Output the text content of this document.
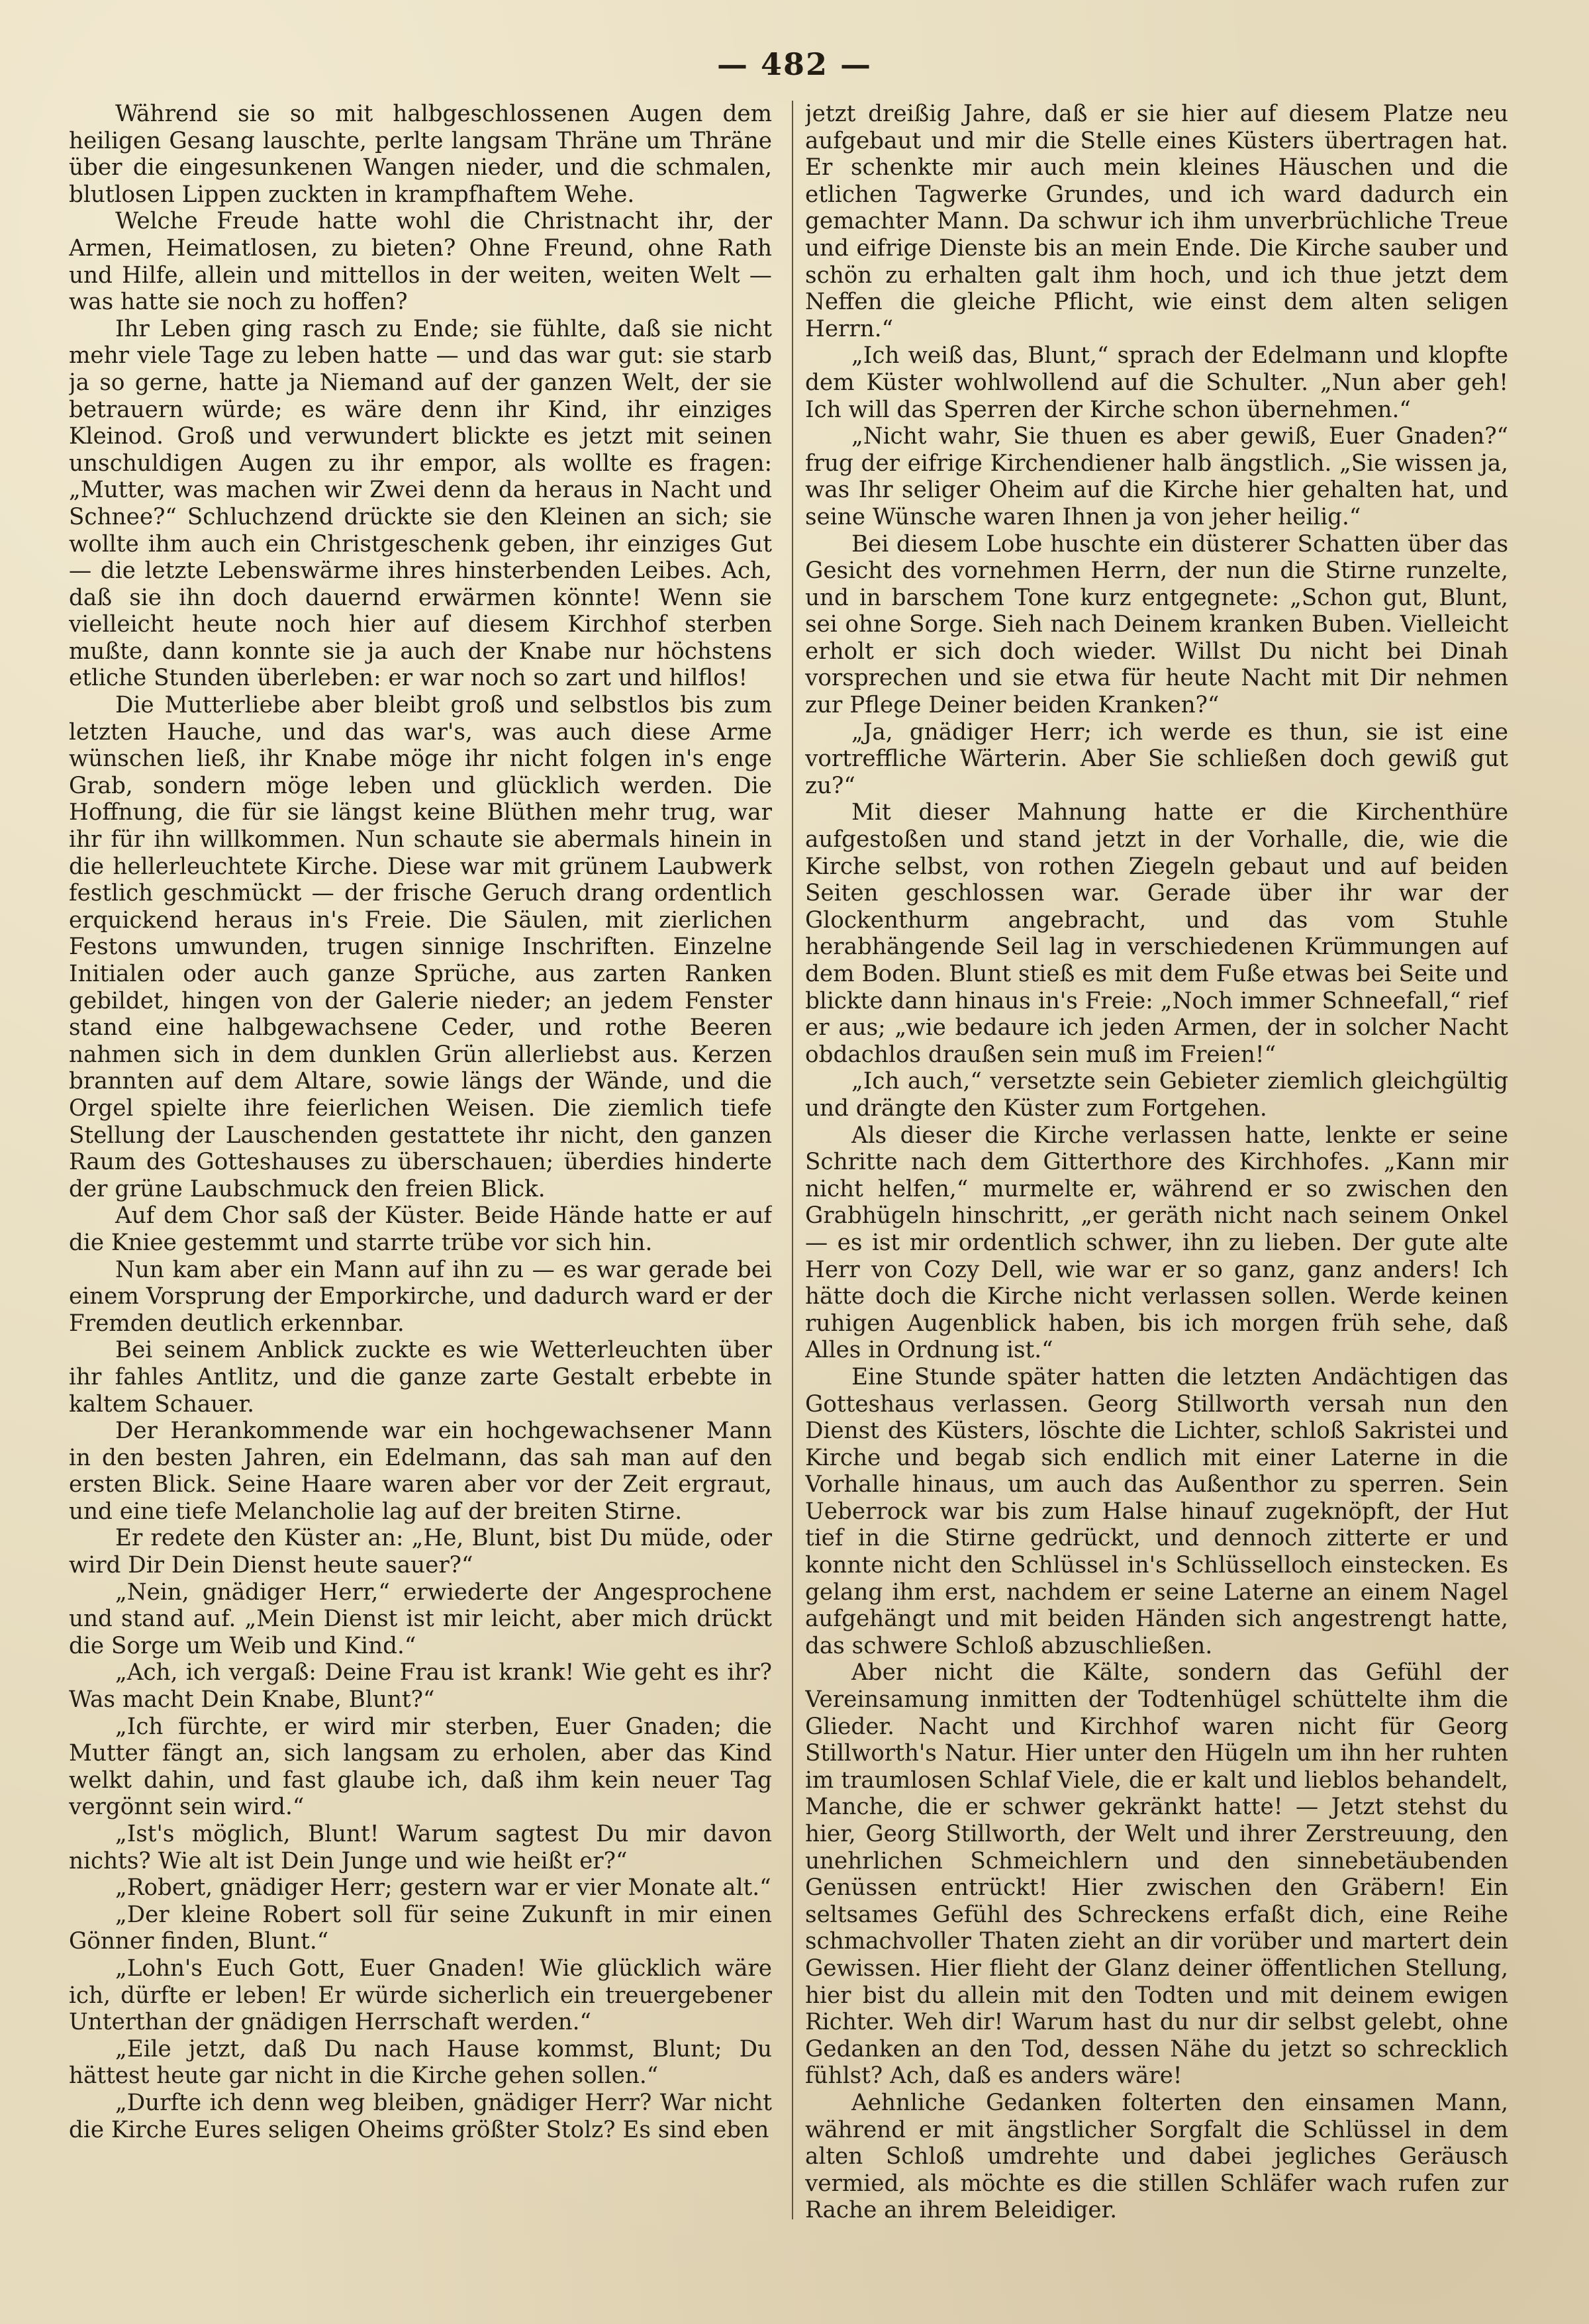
— 482 —

Während sie so mit halbgeschlossenen Augen dem heiligen Gesang lauschte, perlte langsam Thräne um Thräne über die eingesunkenen Wangen nieder, und die schmalen, blutlosen Lippen zuckten in krampfhaftem Wehe.

Welche Freude hatte wohl die Christnacht ihr, der Armen, Heimatlosen, zu bieten? Ohne Freund, ohne Rath und Hilfe, allein und mittellos in der weiten, weiten Welt — was hatte sie noch zu hoffen?

Ihr Leben ging rasch zu Ende; sie fühlte, daß sie nicht mehr viele Tage zu leben hatte — und das war gut: sie starb ja so gerne, hatte ja Niemand auf der ganzen Welt, der sie betrauern würde; es wäre denn ihr Kind, ihr einziges Kleinod. Groß und verwundert blickte es jetzt mit seinen unschuldigen Augen zu ihr empor, als wollte es fragen: „Mutter, was machen wir Zwei denn da heraus in Nacht und Schnee?“ Schluchzend drückte sie den Kleinen an sich; sie wollte ihm auch ein Christgeschenk geben, ihr einziges Gut — die letzte Lebenswärme ihres hinsterbenden Leibes. Ach, daß sie ihn doch dauernd erwärmen könnte! Wenn sie vielleicht heute noch hier auf diesem Kirchhof sterben mußte, dann konnte sie ja auch der Knabe nur höchstens etliche Stunden überleben: er war noch so zart und hilflos!

Die Mutterliebe aber bleibt groß und selbstlos bis zum letzten Hauche, und das war's, was auch diese Arme wünschen ließ, ihr Knabe möge ihr nicht folgen in's enge Grab, sondern möge leben und glücklich werden. Die Hoffnung, die für sie längst keine Blüthen mehr trug, war ihr für ihn willkommen. Nun schaute sie abermals hinein in die hellerleuchtete Kirche. Diese war mit grünem Laubwerk festlich geschmückt — der frische Geruch drang ordentlich erquickend heraus in's Freie. Die Säulen, mit zierlichen Festons umwunden, trugen sinnige Inschriften. Einzelne Initialen oder auch ganze Sprüche, aus zarten Ranken gebildet, hingen von der Galerie nieder; an jedem Fenster stand eine halbgewachsene Ceder, und rothe Beeren nahmen sich in dem dunklen Grün allerliebst aus. Kerzen brannten auf dem Altare, sowie längs der Wände, und die Orgel spielte ihre feierlichen Weisen. Die ziemlich tiefe Stellung der Lauschenden gestattete ihr nicht, den ganzen Raum des Gotteshauses zu überschauen; überdies hinderte der grüne Laubschmuck den freien Blick.

Auf dem Chor saß der Küster. Beide Hände hatte er auf die Kniee gestemmt und starrte trübe vor sich hin.

Nun kam aber ein Mann auf ihn zu — es war gerade bei einem Vorsprung der Emporkirche, und dadurch ward er der Fremden deutlich erkennbar.

Bei seinem Anblick zuckte es wie Wetterleuchten über ihr fahles Antlitz, und die ganze zarte Gestalt erbebte in kaltem Schauer.

Der Herankommende war ein hochgewachsener Mann in den besten Jahren, ein Edelmann, das sah man auf den ersten Blick. Seine Haare waren aber vor der Zeit ergraut, und eine tiefe Melancholie lag auf der breiten Stirne.

Er redete den Küster an: „He, Blunt, bist Du müde, oder wird Dir Dein Dienst heute sauer?“

„Nein, gnädiger Herr,“ erwiederte der Angesprochene und stand auf. „Mein Dienst ist mir leicht, aber mich drückt die Sorge um Weib und Kind.“

„Ach, ich vergaß: Deine Frau ist krank! Wie geht es ihr? Was macht Dein Knabe, Blunt?“

„Ich fürchte, er wird mir sterben, Euer Gnaden; die Mutter fängt an, sich langsam zu erholen, aber das Kind welkt dahin, und fast glaube ich, daß ihm kein neuer Tag vergönnt sein wird.“

„Ist's möglich, Blunt! Warum sagtest Du mir davon nichts? Wie alt ist Dein Junge und wie heißt er?“

„Robert, gnädiger Herr; gestern war er vier Monate alt.“

„Der kleine Robert soll für seine Zukunft in mir einen Gönner finden, Blunt.“

„Lohn's Euch Gott, Euer Gnaden! Wie glücklich wäre ich, dürfte er leben! Er würde sicherlich ein treuergebener Unterthan der gnädigen Herrschaft werden.“

„Eile jetzt, daß Du nach Hause kommst, Blunt; Du hättest heute gar nicht in die Kirche gehen sollen.“

„Durfte ich denn weg bleiben, gnädiger Herr? War nicht die Kirche Eures seligen Oheims größter Stolz? Es sind eben

jetzt dreißig Jahre, daß er sie hier auf diesem Platze neu aufgebaut und mir die Stelle eines Küsters übertragen hat. Er schenkte mir auch mein kleines Häuschen und die etlichen Tagwerke Grundes, und ich ward dadurch ein gemachter Mann. Da schwur ich ihm unverbrüchliche Treue und eifrige Dienste bis an mein Ende. Die Kirche sauber und schön zu erhalten galt ihm hoch, und ich thue jetzt dem Neffen die gleiche Pflicht, wie einst dem alten seligen Herrn.“

„Ich weiß das, Blunt,“ sprach der Edelmann und klopfte dem Küster wohlwollend auf die Schulter. „Nun aber geh! Ich will das Sperren der Kirche schon übernehmen.“

„Nicht wahr, Sie thuen es aber gewiß, Euer Gnaden?“ frug der eifrige Kirchendiener halb ängstlich. „Sie wissen ja, was Ihr seliger Oheim auf die Kirche hier gehalten hat, und seine Wünsche waren Ihnen ja von jeher heilig.“

Bei diesem Lobe huschte ein düsterer Schatten über das Gesicht des vornehmen Herrn, der nun die Stirne runzelte, und in barschem Tone kurz entgegnete: „Schon gut, Blunt, sei ohne Sorge. Sieh nach Deinem kranken Buben. Vielleicht erholt er sich doch wieder. Willst Du nicht bei Dinah vorsprechen und sie etwa für heute Nacht mit Dir nehmen zur Pflege Deiner beiden Kranken?“

„Ja, gnädiger Herr; ich werde es thun, sie ist eine vortreffliche Wärterin. Aber Sie schließen doch gewiß gut zu?“

Mit dieser Mahnung hatte er die Kirchenthüre aufgestoßen und stand jetzt in der Vorhalle, die, wie die Kirche selbst, von rothen Ziegeln gebaut und auf beiden Seiten geschlossen war. Gerade über ihr war der Glockenthurm angebracht, und das vom Stuhle herabhängende Seil lag in verschiedenen Krümmungen auf dem Boden. Blunt stieß es mit dem Fuße etwas bei Seite und blickte dann hinaus in's Freie: „Noch immer Schneefall,“ rief er aus; „wie bedaure ich jeden Armen, der in solcher Nacht obdachlos draußen sein muß im Freien!“

„Ich auch,“ versetzte sein Gebieter ziemlich gleichgültig und drängte den Küster zum Fortgehen.

Als dieser die Kirche verlassen hatte, lenkte er seine Schritte nach dem Gitterthore des Kirchhofes. „Kann mir nicht helfen,“ murmelte er, während er so zwischen den Grabhügeln hinschritt, „er geräth nicht nach seinem Onkel — es ist mir ordentlich schwer, ihn zu lieben. Der gute alte Herr von Cozy Dell, wie war er so ganz, ganz anders! Ich hätte doch die Kirche nicht verlassen sollen. Werde keinen ruhigen Augenblick haben, bis ich morgen früh sehe, daß Alles in Ordnung ist.“

Eine Stunde später hatten die letzten Andächtigen das Gotteshaus verlassen. Georg Stillworth versah nun den Dienst des Küsters, löschte die Lichter, schloß Sakristei und Kirche und begab sich endlich mit einer Laterne in die Vorhalle hinaus, um auch das Außenthor zu sperren. Sein Ueberrock war bis zum Halse hinauf zugeknöpft, der Hut tief in die Stirne gedrückt, und dennoch zitterte er und konnte nicht den Schlüssel in's Schlüsselloch einstecken. Es gelang ihm erst, nachdem er seine Laterne an einem Nagel aufgehängt und mit beiden Händen sich angestrengt hatte, das schwere Schloß abzuschließen.

Aber nicht die Kälte, sondern das Gefühl der Vereinsamung inmitten der Todtenhügel schüttelte ihm die Glieder. Nacht und Kirchhof waren nicht für Georg Stillworth's Natur. Hier unter den Hügeln um ihn her ruhten im traumlosen Schlaf Viele, die er kalt und lieblos behandelt, Manche, die er schwer gekränkt hatte! — Jetzt stehst du hier, Georg Stillworth, der Welt und ihrer Zerstreuung, den unehrlichen Schmeichlern und den sinnebetäubenden Genüssen entrückt! Hier zwischen den Gräbern! Ein seltsames Gefühl des Schreckens erfaßt dich, eine Reihe schmachvoller Thaten zieht an dir vorüber und martert dein Gewissen. Hier flieht der Glanz deiner öffentlichen Stellung, hier bist du allein mit den Todten und mit deinem ewigen Richter. Weh dir! Warum hast du nur dir selbst gelebt, ohne Gedanken an den Tod, dessen Nähe du jetzt so schrecklich fühlst? Ach, daß es anders wäre!

Aehnliche Gedanken folterten den einsamen Mann, während er mit ängstlicher Sorgfalt die Schlüssel in dem alten Schloß umdrehte und dabei jegliches Geräusch vermied, als möchte es die stillen Schläfer wach rufen zur Rache an ihrem Beleidiger.
